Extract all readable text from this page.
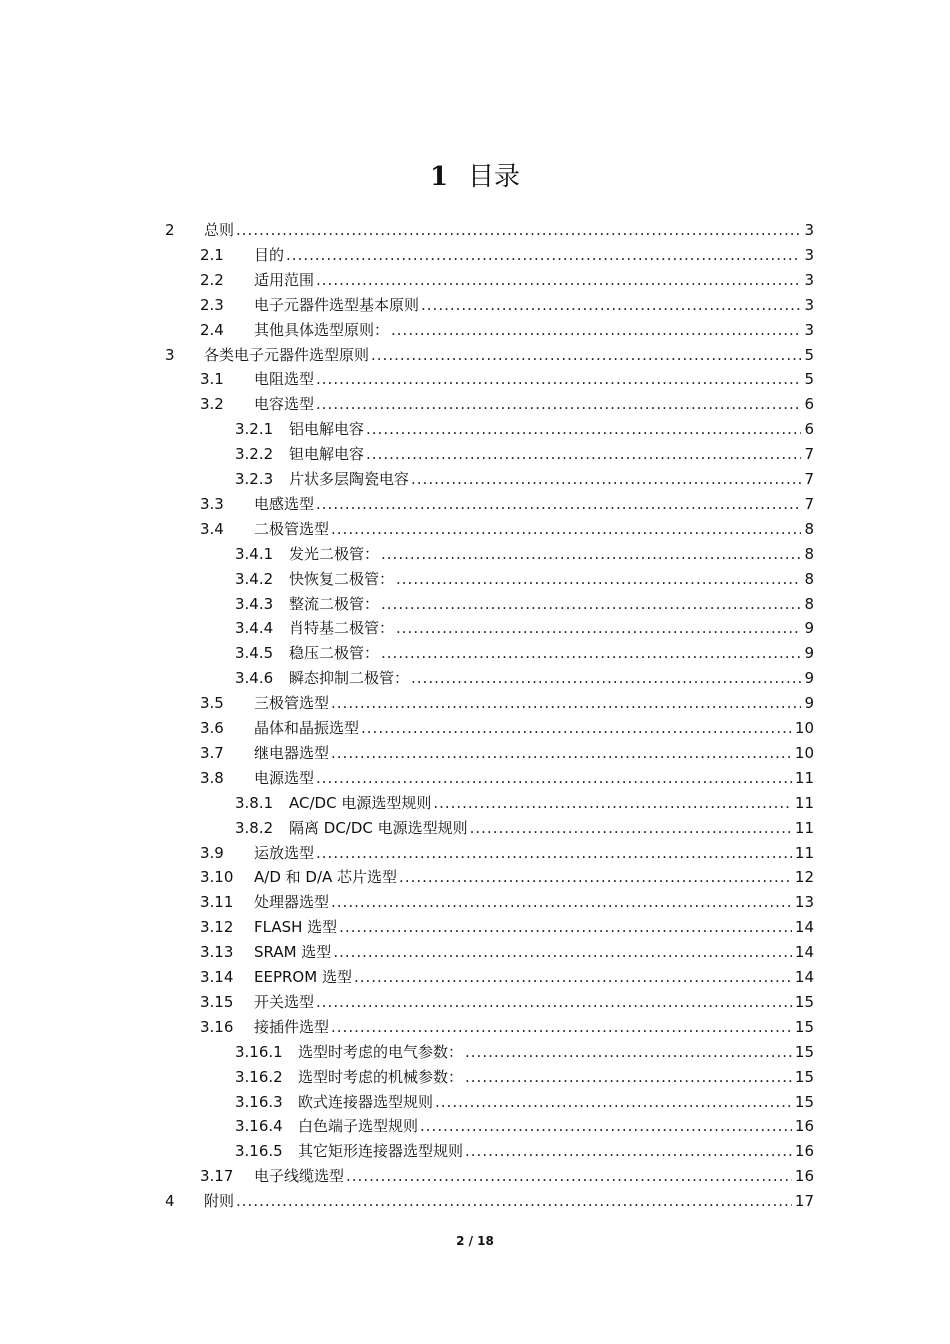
1 目录
2 总则 .....	3
2.1 目的 .....	3
2.2 适用范围 .....	3
2.3 电子元器件选型基本原则 .....	3
2.4 其他具体选型原则： .....	3
3 各类电子元器件选型原则 .....	5
3.1 电阻选型 .....	5
3.2 电容选型 .....	6
3.2.1 铝电解电容 .....	6
3.2.2 钽电解电容 .....	7
3.2.3 片状多层陶瓷电容 .....	7
3.3 电感选型 .....	7
3.4 二极管选型 .....	8
3.4.1 发光二极管： .....	8
3.4.2 快恢复二极管： .....	8
3.4.3 整流二极管： .....	8
3.4.4 肖特基二极管： .....	9
3.4.5 稳压二极管： .....	9
3.4.6 瞬态抑制二极管： .....	9
3.5 三极管选型 .....	9
3.6 晶体和晶振选型 .....	10
3.7 继电器选型 .....	10
3.8 电源选型 .....	11
3.8.1 AC/DC 电源选型规则 .....	11
3.8.2 隔离 DC/DC 电源选型规则 .....	11
3.9 运放选型 .....	11
3.10 A/D 和 D/A 芯片选型 .....	12
3.11 处理器选型 .....	13
3.12 FLASH 选型 .....	14
3.13 SRAM 选型 .....	14
3.14 EEPROM 选型 .....	14
3.15 开关选型 .....	15
3.16 接插件选型 .....	15
3.16.1 选型时考虑的电气参数： .....	15
3.16.2 选型时考虑的机械参数： .....	15
3.16.3 欧式连接器选型规则 .....	15
3.16.4 白色端子选型规则 .....	16
3.16.5 其它矩形连接器选型规则 .....	16
3.17 电子线缆选型 .....	16
4 附则 .....	17
2 / 18
